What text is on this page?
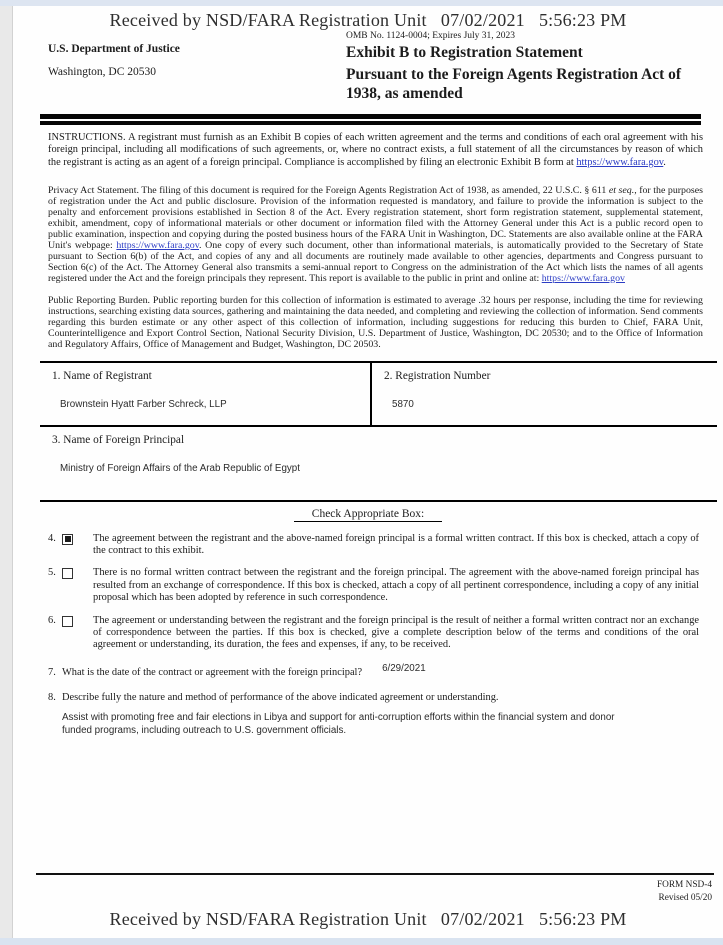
Received by NSD/FARA Registration Unit   07/02/2021   5:56:23 PM
U.S. Department of Justice
Washington, DC 20530
OMB No. 1124-0004; Expires July 31, 2023
Exhibit B to Registration Statement
Pursuant to the Foreign Agents Registration Act of 1938, as amended
INSTRUCTIONS. A registrant must furnish as an Exhibit B copies of each written agreement and the terms and conditions of each oral agreement with his foreign principal, including all modifications of such agreements, or, where no contract exists, a full statement of all the circumstances by reason of which the registrant is acting as an agent of a foreign principal. Compliance is accomplished by filing an electronic Exhibit B form at https://www.fara.gov.
Privacy Act Statement. The filing of this document is required for the Foreign Agents Registration Act of 1938, as amended, 22 U.S.C. § 611 et seq., for the purposes of registration under the Act and public disclosure. Provision of the information requested is mandatory, and failure to provide the information is subject to the penalty and enforcement provisions established in Section 8 of the Act. Every registration statement, short form registration statement, supplemental statement, exhibit, amendment, copy of informational materials or other document or information filed with the Attorney General under this Act is a public record open to public examination, inspection and copying during the posted business hours of the FARA Unit in Washington, DC. Statements are also available online at the FARA Unit's webpage: https://www.fara.gov. One copy of every such document, other than informational materials, is automatically provided to the Secretary of State pursuant to Section 6(b) of the Act, and copies of any and all documents are routinely made available to other agencies, departments and Congress pursuant to Section 6(c) of the Act. The Attorney General also transmits a semi-annual report to Congress on the administration of the Act which lists the names of all agents registered under the Act and the foreign principals they represent. This report is available to the public in print and online at: https://www.fara.gov
Public Reporting Burden. Public reporting burden for this collection of information is estimated to average .32 hours per response, including the time for reviewing instructions, searching existing data sources, gathering and maintaining the data needed, and completing and reviewing the collection of information. Send comments regarding this burden estimate or any other aspect of this collection of information, including suggestions for reducing this burden to Chief, FARA Unit, Counterintelligence and Export Control Section, National Security Division, U.S. Department of Justice, Washington, DC 20530; and to the Office of Information and Regulatory Affairs, Office of Management and Budget, Washington, DC 20503.
1. Name of Registrant
Brownstein Hyatt Farber Schreck, LLP
2. Registration Number
5870
3. Name of Foreign Principal
Ministry of Foreign Affairs of the Arab Republic of Egypt
Check Appropriate Box:
4.	The agreement between the registrant and the above-named foreign principal is a formal written contract. If this box is checked, attach a copy of the contract to this exhibit.
5.	There is no formal written contract between the registrant and the foreign principal. The agreement with the above-named foreign principal has resulted from an exchange of correspondence. If this box is checked, attach a copy of all pertinent correspondence, including a copy of any initial proposal which has been adopted by reference in such correspondence.
6.	The agreement or understanding between the registrant and the foreign principal is the result of neither a formal written contract nor an exchange of correspondence between the parties. If this box is checked, give a complete description below of the terms and conditions of the oral agreement or understanding, its duration, the fees and expenses, if any, to be received.
7. What is the date of the contract or agreement with the foreign principal? 6/29/2021
8. Describe fully the nature and method of performance of the above indicated agreement or understanding.
Assist with promoting free and fair elections in Libya and support for anti-corruption efforts within the financial system and donor funded programs, including outreach to U.S. government officials.
FORM NSD-4
Revised 05/20
Received by NSD/FARA Registration Unit   07/02/2021   5:56:23 PM
